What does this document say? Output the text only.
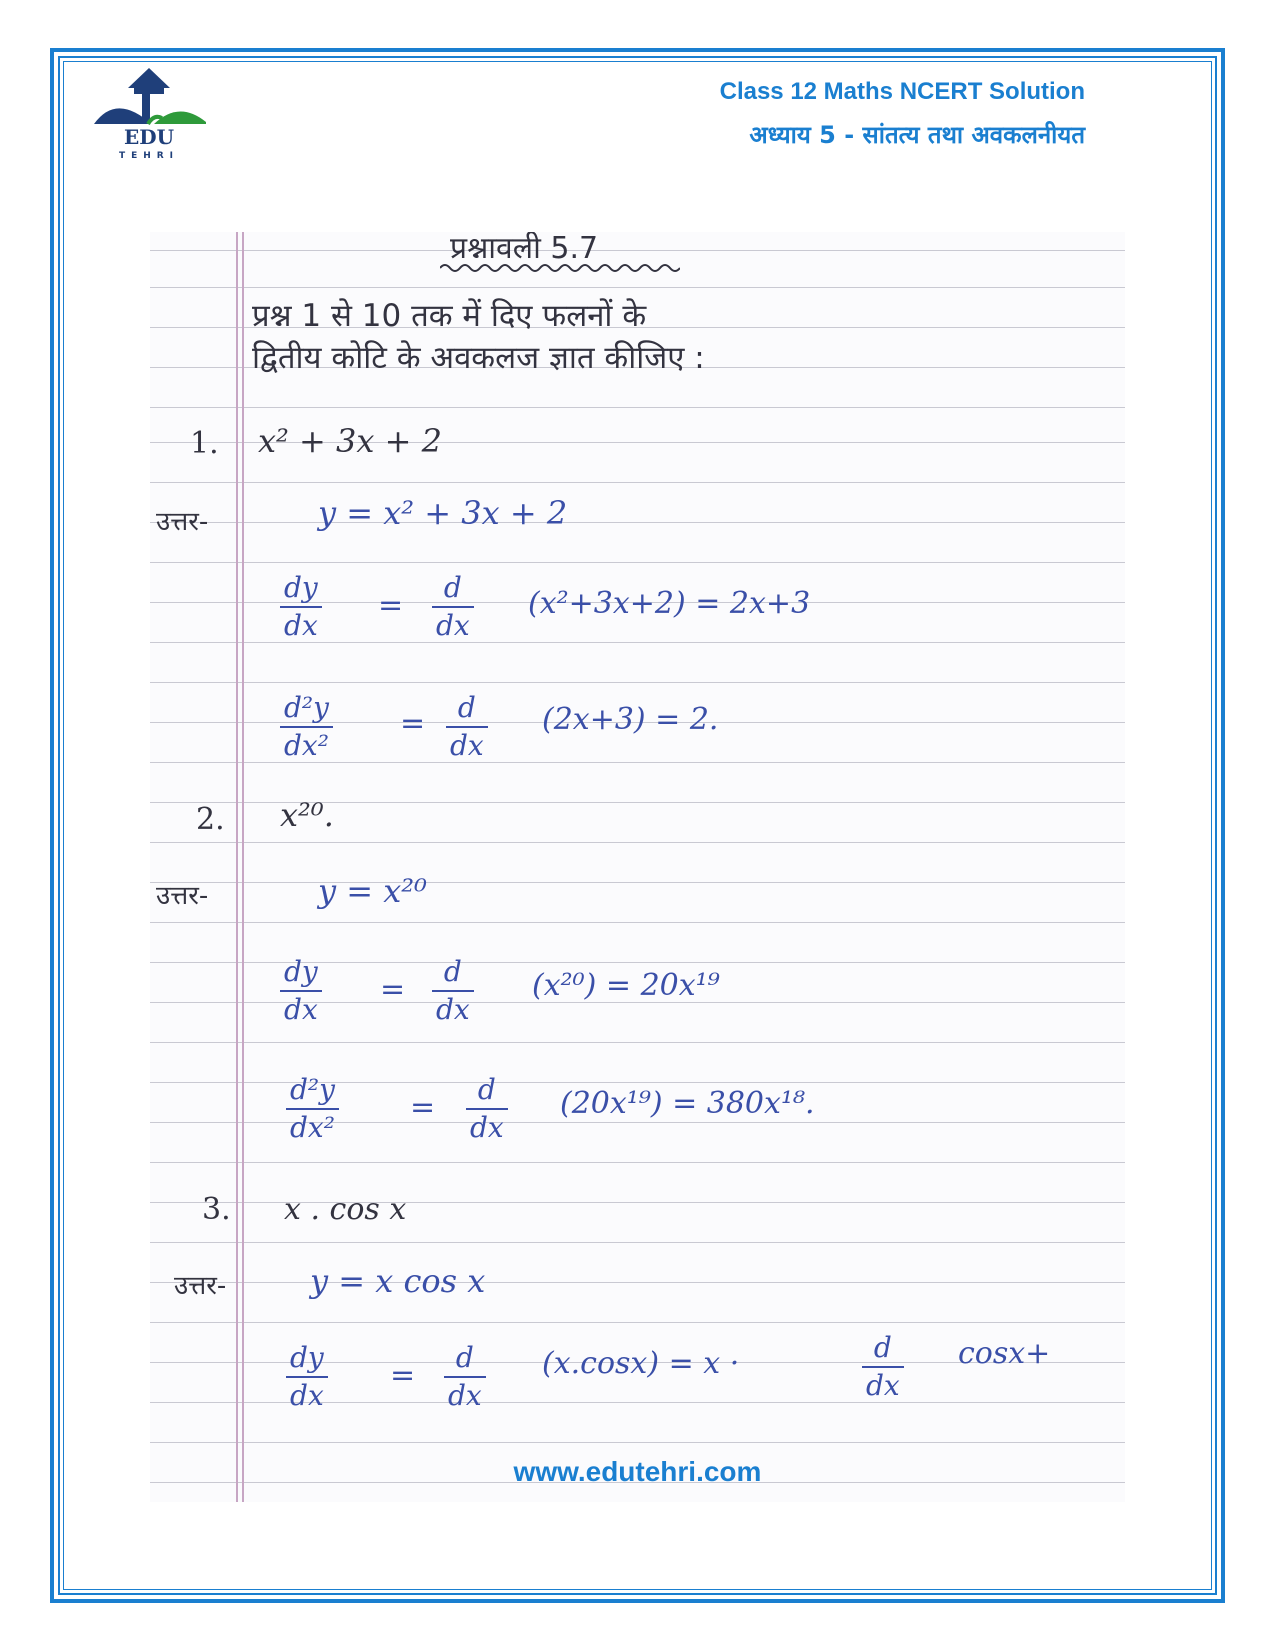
EDU
TEHRI
Class 12 Maths NCERT Solution
अध्याय 5 - सांतत्य तथा अवकलनीयत
प्रश्नावली 5.7
प्रश्न 1 से 10 तक में दिए फलनों के
द्वितीय कोटि के अवकलज ज्ञात कीजिए :
1. x² + 3x + 2
उत्तर-	y = x² + 3x + 2
$\frac{dy}{dx} = \frac{d}{dx} (x^2+3x+2) = 2x+3$
$\frac{\text{d²y}}{\text{dx²}} = \frac{d}{dx} (2x+3) = 2$.
2. x²⁰.
उत्तर-	y = x²⁰
$\frac{dy}{dx} = \frac{d}{dx} (x^{20}) = 20x^{19}$
$\frac{\text{d²y}}{\text{dx²}} = \frac{d}{dx} (20x^{19}) = 380x^{18}$.
3. x . cos x
उत्तर-	y = x cos x
$\frac{dy}{dx} = \frac{d}{dx} (x.\cos x) = x$ ·	$\frac{d}{dx} \cos x+$
www.edutehri.com
